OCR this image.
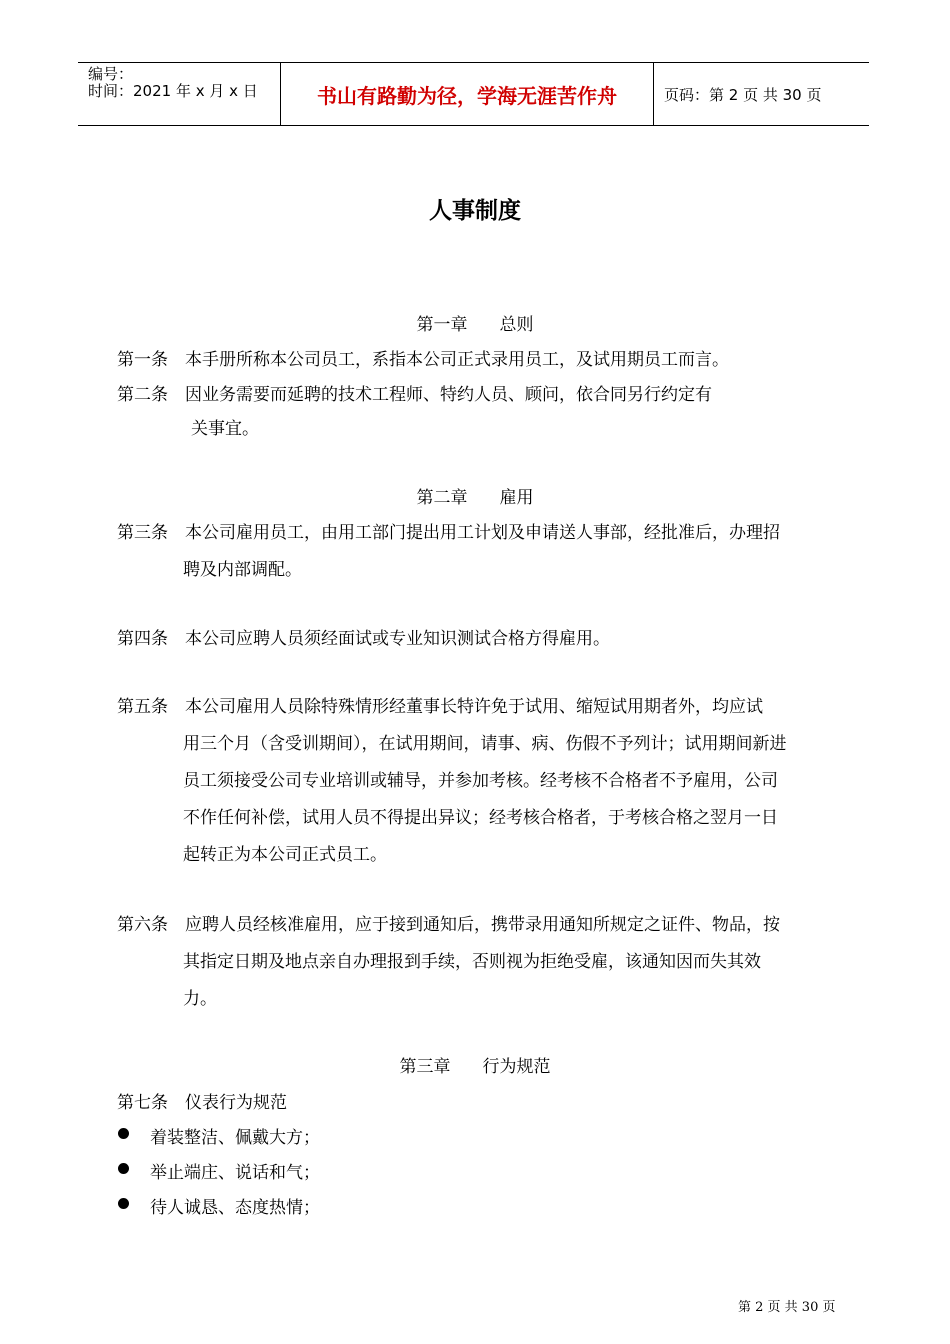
编号：
时间：2021 年 x 月 x 日	书山有路勤为径，学海无涯苦作舟	页码：第 2 页 共 30 页
人事制度
第一章 总则
第一条　本手册所称本公司员工，系指本公司正式录用员工，及试用期员工而言。
第二条　因业务需要而延聘的技术工程师、特约人员、顾问，依合同另行约定有
关事宜。
第二章 雇用
第三条　本公司雇用员工，由用工部门提出用工计划及申请送人事部，经批准后，办理招
聘及内部调配。
第四条　本公司应聘人员须经面试或专业知识测试合格方得雇用。
第五条　本公司雇用人员除特殊情形经董事长特许免于试用、缩短试用期者外，均应试
用三个月（含受训期间），在试用期间，请事、病、伤假不予列计；试用期间新进
员工须接受公司专业培训或辅导，并参加考核。经考核不合格者不予雇用，公司
不作任何补偿，试用人员不得提出异议；经考核合格者，于考核合格之翌月一日
起转正为本公司正式员工。
第六条　应聘人员经核准雇用，应于接到通知后，携带录用通知所规定之证件、物品，按
其指定日期及地点亲自办理报到手续，否则视为拒绝受雇，该通知因而失其效
力。
第三章 行为规范
第七条　仪表行为规范
着装整洁、佩戴大方；
举止端庄、说话和气；
待人诚恳、态度热情；
第 2 页 共 30 页
